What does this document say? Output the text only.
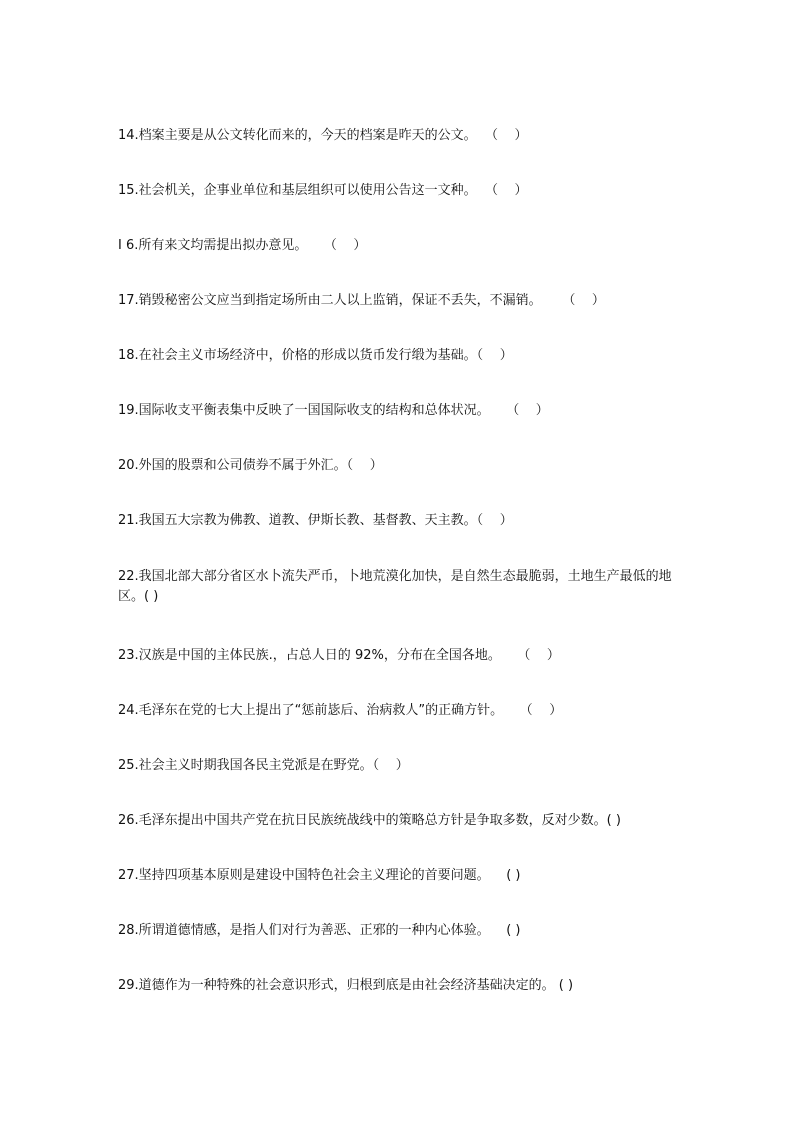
14.档案主要是从公文转化而来的，今天的档案是昨天的公文。  （    ）
15.社会机关，企事业单位和基层组织可以使用公告这一文种。  （    ）
I 6.所有来文均需提出拟办意见。    （    ）
17.销毁秘密公文应当到指定场所由二人以上监销，保证不丢失，不漏销。     （    ）
18.在社会主义市场经济中，价格的形成以货币发行缎为基础。（    ）
19.国际收支平衡表集中反映了一国国际收支的结构和总体状况。    （    ）
20.外国的股票和公司债券不属于外汇。（    ）
21.我国五大宗教为佛教、道教、伊斯长教、基督教、天主教。（    ）
22.我国北部大部分省区水卜流失严币，卜地荒漠化加快，是自然生态最脆弱，土地生产最低的地区。( )
23.汉族是中国的主体民族.，占总人日的 92%，分布在全国各地。    （    ）
24.毛泽东在党的七大上提出了“惩前毖后、治病救人”的正确方针。    （    ）
25.社会主义时期我国各民主党派是在野党。（    ）
26.毛泽东提出中国共产党在抗日民族统战线中的策略总方针是争取多数，反对少数。( )
27.坚持四项基本原则是建设中国特色社会主义理论的首要问题。    ( )
28.所谓道德情感，是指人们对行为善恶、正邪的一种内心体验。    ( )
29.道德作为一种特殊的社会意识形式，归根到底是由社会经济基础决定的。 ( )
